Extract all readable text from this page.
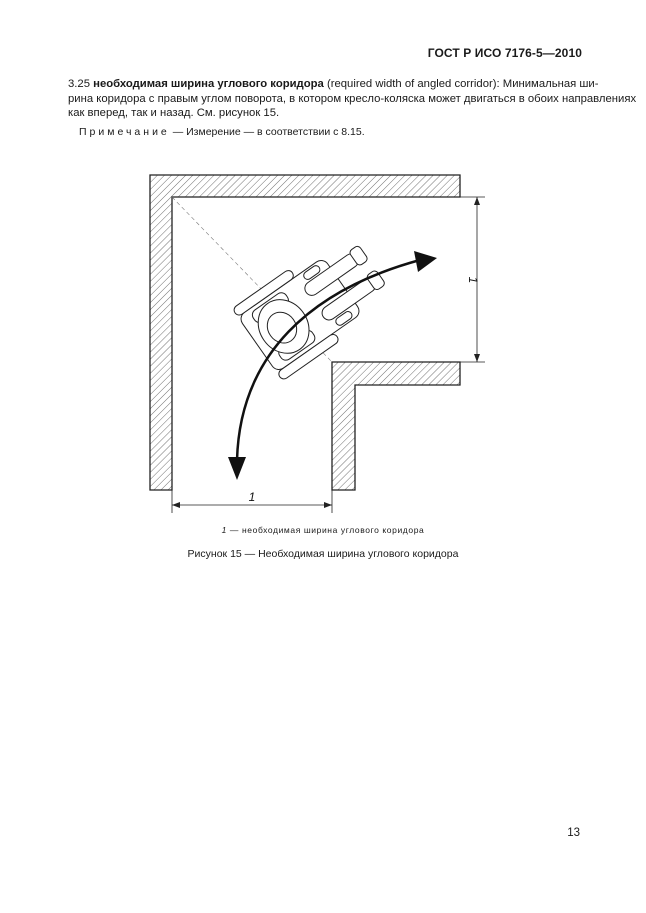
ГОСТ Р ИСО 7176-5—2010
3.25 необходимая ширина углового коридора (required width of angled corridor): Минимальная ши-
рина коридора с правым углом поворота, в котором кресло-коляска может двигаться в обоих направлениях
как вперед, так и назад. См. рисунок 15.
Примечание — Измерение — в соответствии с 8.15.
1
1
1 — необходимая ширина углового коридора
Рисунок 15 — Необходимая ширина углового коридора
13
